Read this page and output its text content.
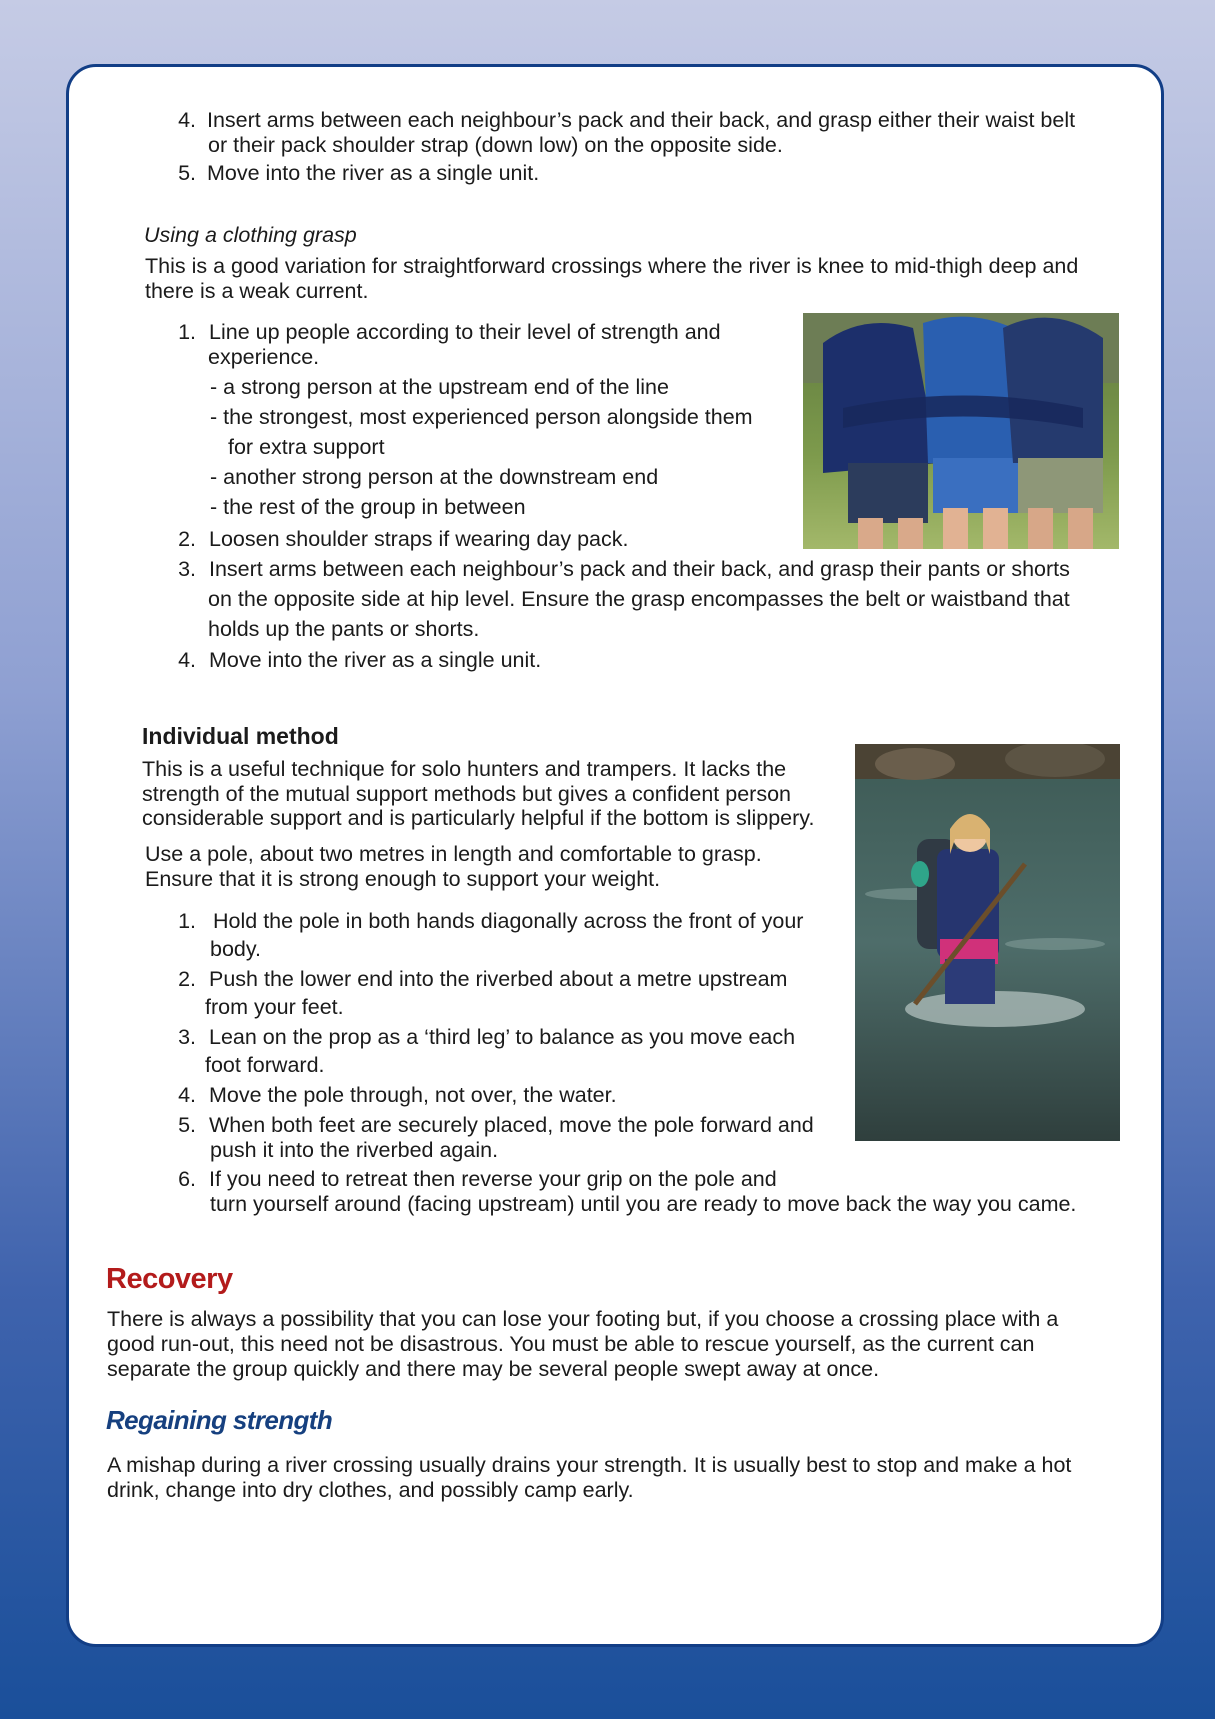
4. Insert arms between each neighbour’s pack and their back, and grasp either their waist belt
or their pack shoulder strap (down low) on the opposite side.
5. Move into the river as a single unit.
Using a clothing grasp
This is a good variation for straightforward crossings where the river is knee to mid-thigh deep and
there is a weak current.
1. Line up people according to their level of strength and
experience.
- a strong person at the upstream end of the line
- the strongest, most experienced person alongside them
for extra support
- another strong person at the downstream end
- the rest of the group in between
2. Loosen shoulder straps if wearing day pack.
3. Insert arms between each neighbour’s pack and their back, and grasp their pants or shorts
on the opposite side at hip level. Ensure the grasp encompasses the belt or waistband that
holds up the pants or shorts.
4. Move into the river as a single unit.
Individual method
This is a useful technique for solo hunters and trampers. It lacks the
strength of the mutual support methods but gives a confident person
considerable support and is particularly helpful if the bottom is slippery.
Use a pole, about two metres in length and comfortable to grasp.
Ensure that it is strong enough to support your weight.
1. Hold the pole in both hands diagonally across the front of your
body.
2. Push the lower end into the riverbed about a metre upstream
from your feet.
3. Lean on the prop as a ‘third leg’ to balance as you move each
foot forward.
4. Move the pole through, not over, the water.
5. When both feet are securely placed, move the pole forward and
push it into the riverbed again.
6. If you need to retreat then reverse your grip on the pole and
turn yourself around (facing upstream) until you are ready to move back the way you came.
Recovery
There is always a possibility that you can lose your footing but, if you choose a crossing place with a
good run-out, this need not be disastrous. You must be able to rescue yourself, as the current can
separate the group quickly and there may be several people swept away at once.
Regaining strength
A mishap during a river crossing usually drains your strength. It is usually best to stop and make a hot
drink, change into dry clothes, and possibly camp early.
